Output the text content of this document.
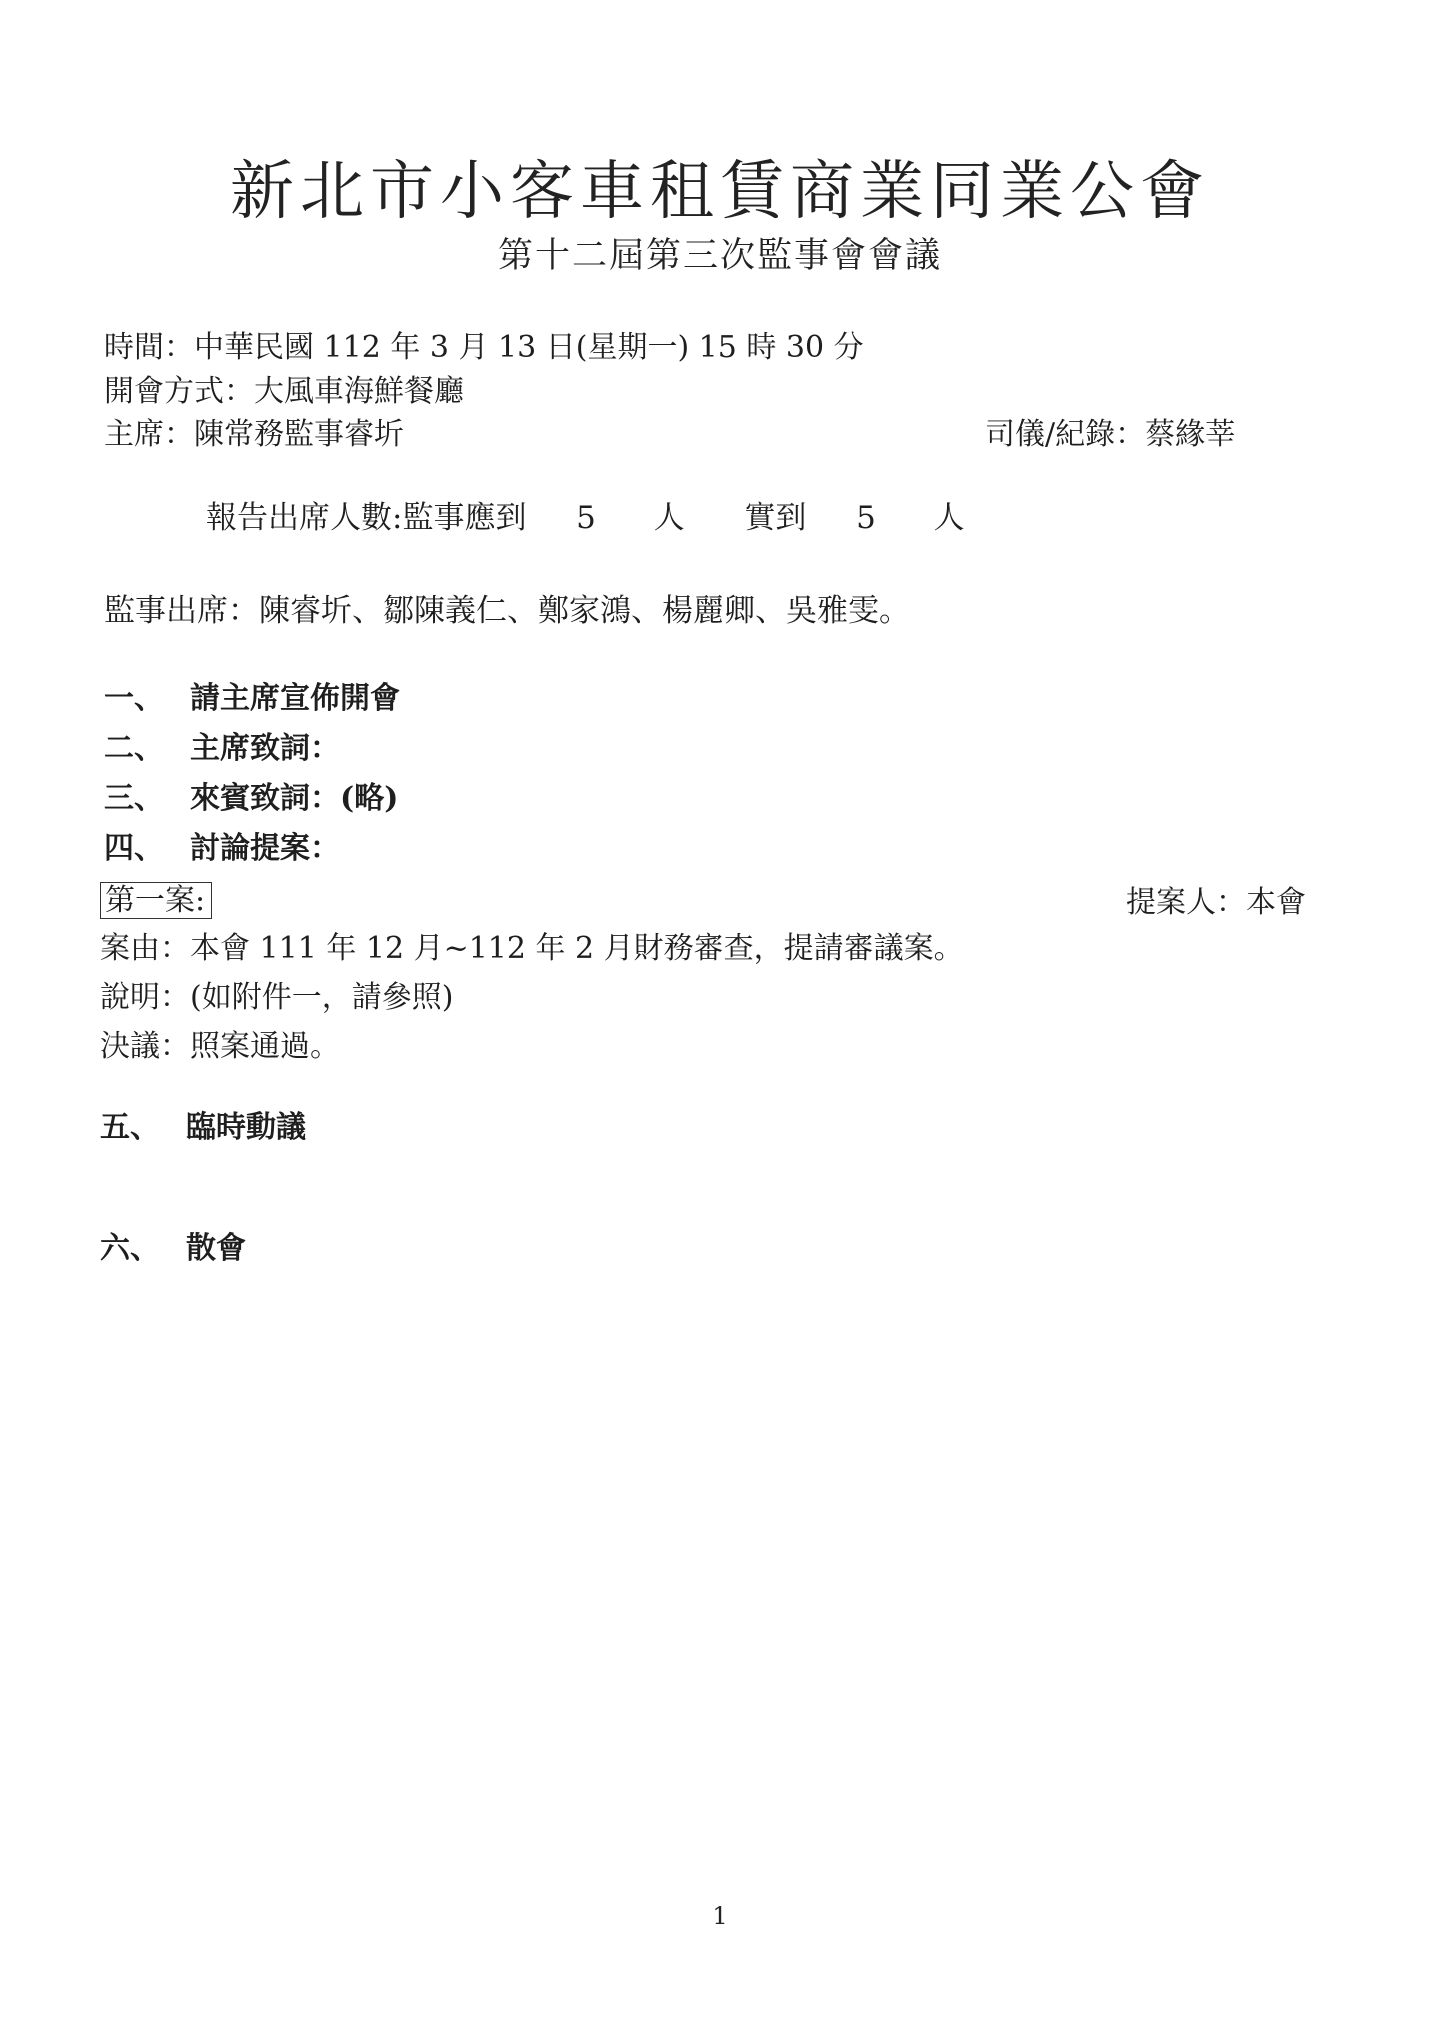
新北市小客車租賃商業同業公會
第十二屆第三次監事會會議
時間：中華民國 112 年 3 月 13 日(星期一) 15 時 30 分
開會方式：大風車海鮮餐廳
主席：陳常務監事睿圻	司儀/紀錄：蔡緣莘
報告出席人數:監事應到 5 人 實到 5 人
監事出席：陳睿圻、鄒陳義仁、鄭家鴻、楊麗卿、吳雅雯。
一、 請主席宣佈開會
二、 主席致詞：
三、 來賓致詞：(略)
四、 討論提案：
第一案:	提案人：本會
案由：本會 111 年 12 月~112 年 2 月財務審查，提請審議案。
說明：(如附件一，請參照)
決議：照案通過。
五、 臨時動議
六、 散會
1
